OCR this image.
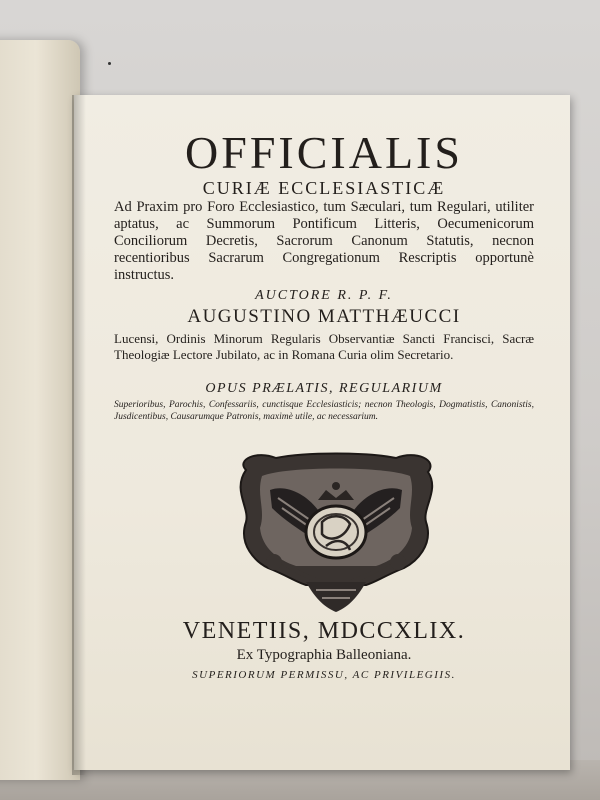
OFFICIALIS
CURIÆ ECCLESIASTICÆ
Ad Praxim pro Foro Ecclesiastico, tum Sæculari, tum Regulari, utiliter aptatus, ac Summorum Pontificum Litteris, Oecumenicorum Conciliorum Decretis, Sacrorum Canonum Statutis, necnon recentioribus Sacrarum Congregationum Rescriptis opportunè instructus.
AUCTORE R. P. F.
AUGUSTINO MATTHÆUCCI
Lucensi, Ordinis Minorum Regularis Observantiæ Sancti Francisci, Sacræ Theologiæ Lectore Jubilato, ac in Romana Curia olim Secretario.
OPUS PRÆLATIS, REGULARIUM
Superioribus, Parochis, Confessariis, cunctisque Ecclesiasticis; necnon Theologis, Dogmatistis, Canonistis, Jusdicentibus, Causarumque Patronis, maximè utile, ac necessarium.
VENETIIS, MDCCXLIX.
Ex Typographia Balleoniana.
SUPERIORUM PERMISSU, AC PRIVILEGIIS.
